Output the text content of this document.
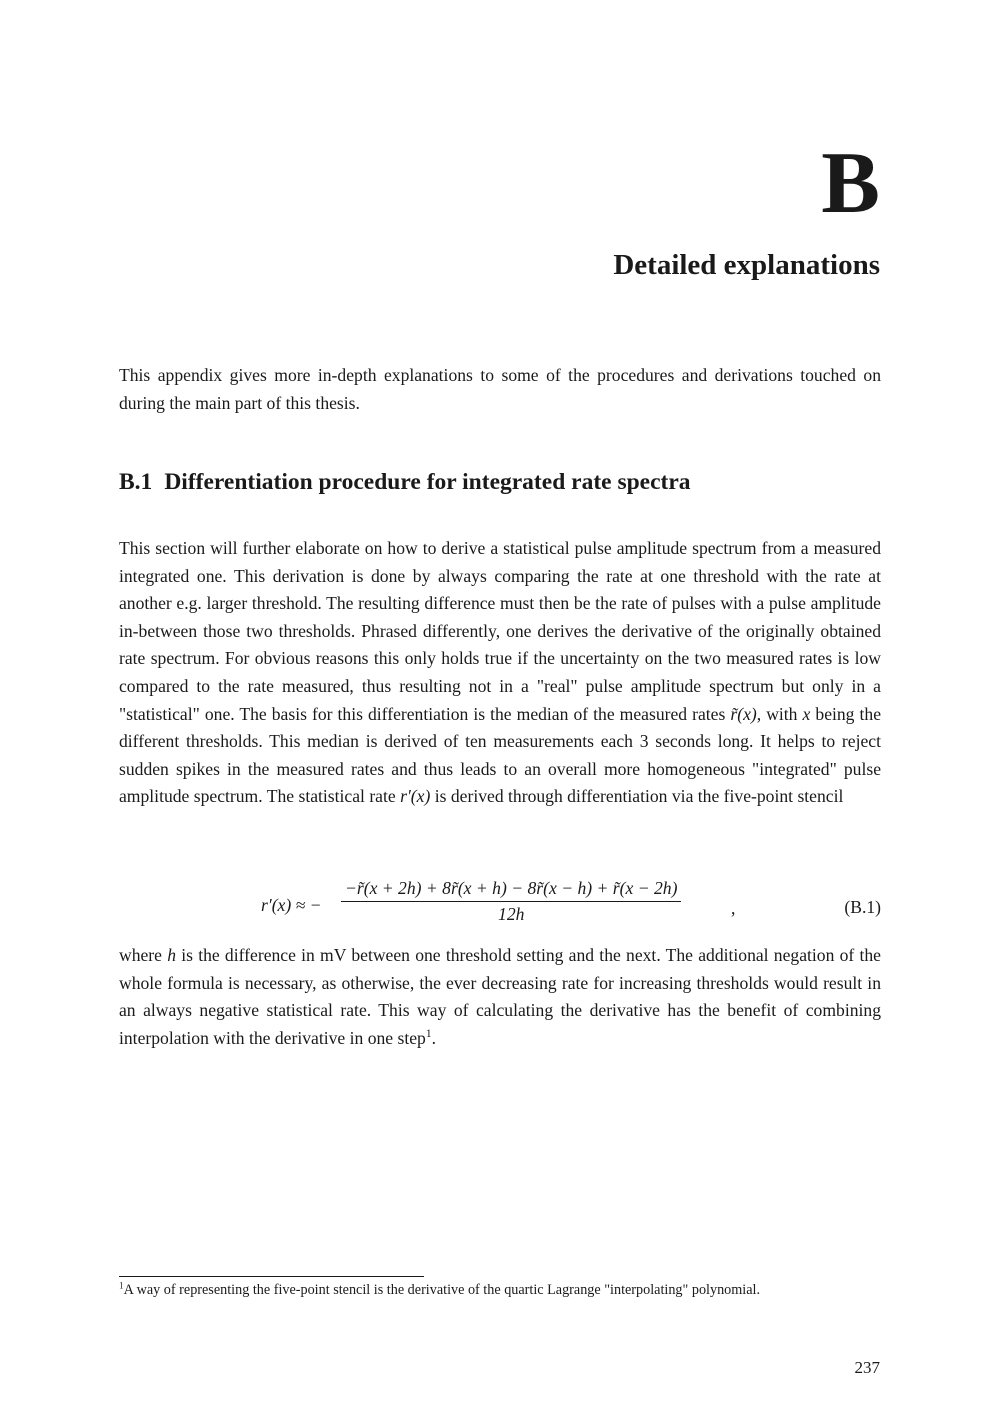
B
Detailed explanations

This appendix gives more in-depth explanations to some of the procedures and derivations touched on during the main part of this thesis.

B.1 Differentiation procedure for integrated rate spectra

This section will further elaborate on how to derive a statistical pulse amplitude spectrum from a measured integrated one. This derivation is done by always comparing the rate at one threshold with the rate at another e.g. larger threshold. The resulting difference must then be the rate of pulses with a pulse amplitude in-between those two thresholds. Phrased differently, one derives the derivative of the originally obtained rate spectrum. For obvious reasons this only holds true if the uncertainty on the two measured rates is low compared to the rate measured, thus resulting not in a "real" pulse amplitude spectrum but only in a "statistical" one. The basis for this differentiation is the median of the measured rates r̃(x), with x being the different thresholds. This median is derived of ten measurements each 3 seconds long. It helps to reject sudden spikes in the measured rates and thus leads to an overall more homogeneous "integrated" pulse amplitude spectrum. The statistical rate r′(x) is derived through differentiation via the five-point stencil

r′(x) ≈ −
−r̃(x + 2h) + 8r̃(x + h) − 8r̃(x − h) + r̃(x − 2h)
12h	,	(B.1)

where h is the difference in mV between one threshold setting and the next. The additional negation of the whole formula is necessary, as otherwise, the ever decreasing rate for increasing thresholds would result in an always negative statistical rate. This way of calculating the derivative has the benefit of combining interpolation with the derivative in one step$^1$.

$^1$A way of representing the five-point stencil is the derivative of the quartic Lagrange "interpolating" polynomial.

237
